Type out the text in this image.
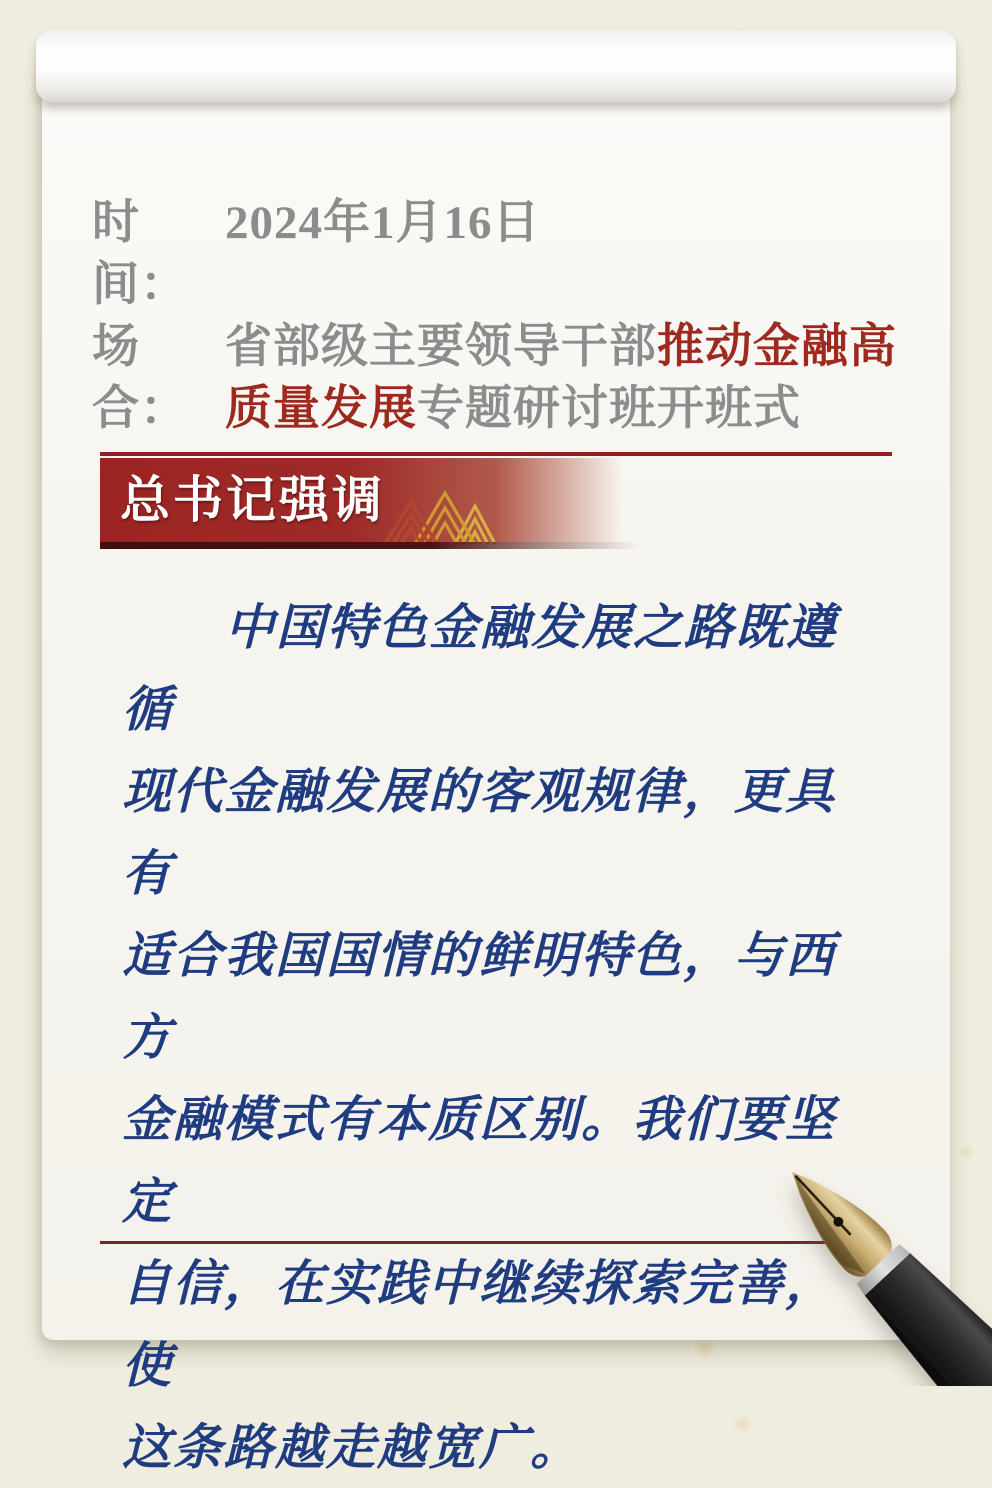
时间：
2024年1月16日
场合：
省部级主要领导干部推动金融高
质量发展专题研讨班开班式
总书记强调
中国特色金融发展之路既遵循
现代金融发展的客观规律，更具有
适合我国国情的鲜明特色，与西方
金融模式有本质区别。我们要坚定
自信，在实践中继续探索完善，使
这条路越走越宽广。
